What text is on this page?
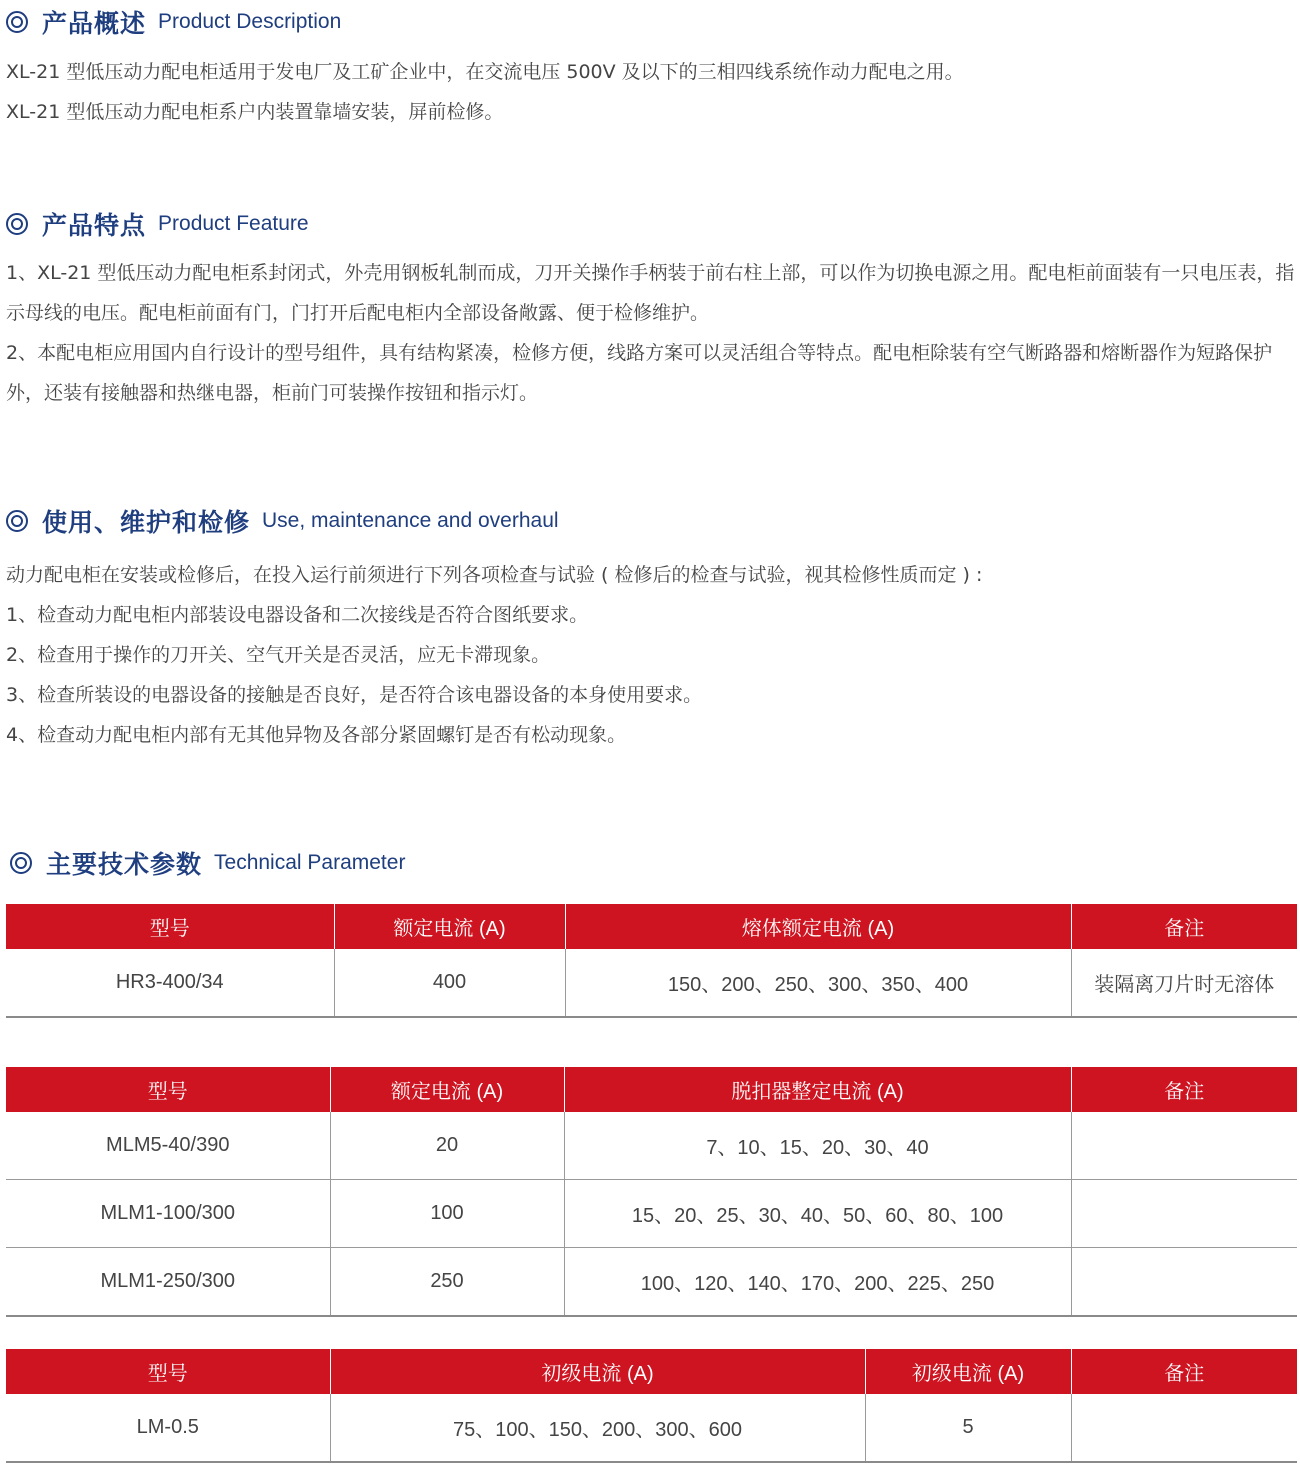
产品概述 Product Description

XL-21 型低压动力配电柜适用于发电厂及工矿企业中，在交流电压 500V 及以下的三相四线系统作动力配电之用。

XL-21 型低压动力配电柜系户内装置靠墙安装，屏前检修。

产品特点 Product Feature

1、XL-21 型低压动力配电柜系封闭式，外壳用钢板轧制而成，刀开关操作手柄装于前右柱上部，可以作为切换电源之用。配电柜前面装有一只电压表，指示母线的电压。配电柜前面有门，门打开后配电柜内全部设备敞露、便于检修维护。

2、本配电柜应用国内自行设计的型号组件，具有结构紧凑，检修方便，线路方案可以灵活组合等特点。配电柜除装有空气断路器和熔断器作为短路保护外，还装有接触器和热继电器，柜前门可装操作按钮和指示灯。

使用、维护和检修 Use, maintenance and overhaul

动力配电柜在安装或检修后，在投入运行前须进行下列各项检查与试验 ( 检修后的检查与试验，视其检修性质而定 ) :

1、检查动力配电柜内部装设电器设备和二次接线是否符合图纸要求。

2、检查用于操作的刀开关、空气开关是否灵活，应无卡滞现象。

3、检查所装设的电器设备的接触是否良好，是否符合该电器设备的本身使用要求。

4、检查动力配电柜内部有无其他异物及各部分紧固螺钉是否有松动现象。

主要技术参数 Technical Parameter
型号	额定电流 (A)	熔体额定电流 (A)	备注
HR3-400/34	400	150、200、250、300、350、400	装隔离刀片时无溶体
型号	额定电流 (A)	脱扣器整定电流 (A)	备注
MLM5-40/390	20	7、10、15、20、30、40	
MLM1-100/300	100	15、20、25、30、40、50、60、80、100	
MLM1-250/300	250	100、120、140、170、200、225、250	
型号	初级电流 (A)	初级电流 (A)	备注
LM-0.5	75、100、150、200、300、600	5	
